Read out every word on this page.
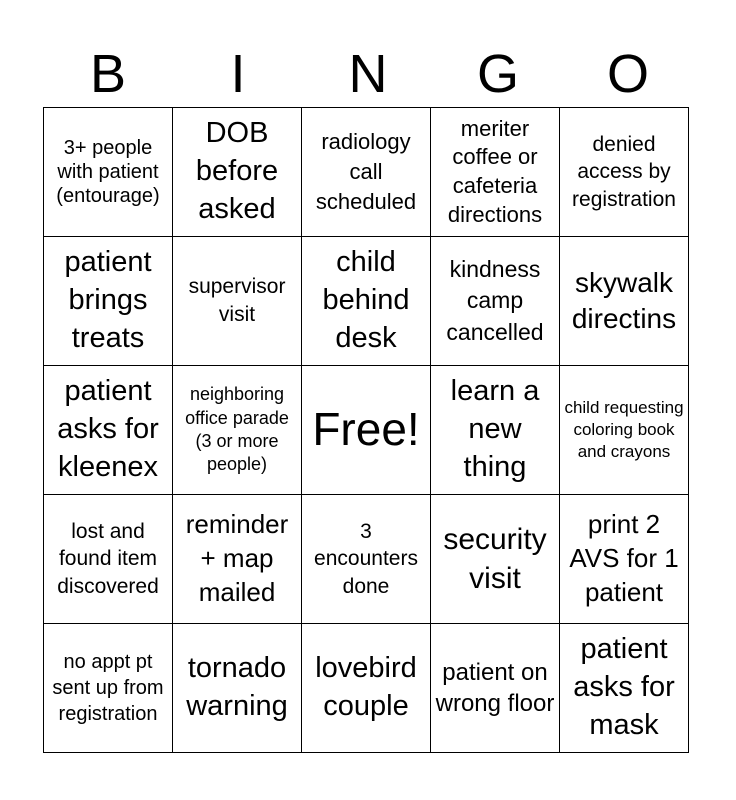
B	I	N	G	O
3+ people with patient (entourage)	DOB before asked	radiology call scheduled	meriter coffee or cafeteria directions	denied access by registration
patient brings treats	supervisor visit	child behind desk	kindness camp cancelled	skywalk directins
patient asks for kleenex	neighboring office parade (3 or more people)	Free!	learn a new thing	child requesting coloring book and crayons
lost and found item discovered	reminder + map mailed	3 encounters done	security visit	print 2 AVS for 1 patient
no appt pt sent up from registration	tornado warning	lovebird couple	patient on wrong floor	patient asks for mask
